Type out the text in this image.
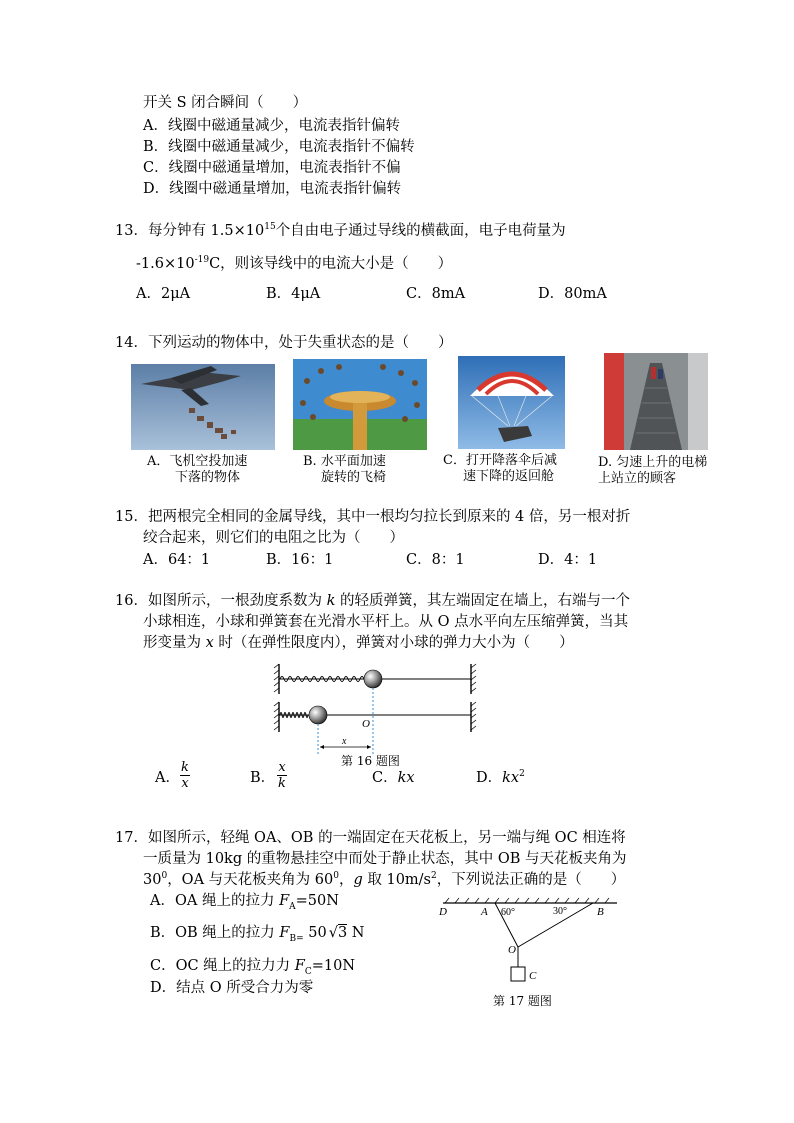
开关 S 闭合瞬间（　　）
A．线圈中磁通量减少，电流表指针偏转
B．线圈中磁通量减少，电流表指针不偏转
C．线圈中磁通量增加，电流表指针不偏
D．线圈中磁通量增加，电流表指针偏转
13．每分钟有 $1.5\times 10^{15}$个自由电子通过导线的横截面，电子电荷量为
$-1.6\times 10^{-19}C$，则该导线中的电流大小是（　　）
A．2μA	B．4μA	C．8mA	D．80mA
14．下列运动的物体中，处于失重状态的是（　　）
A．飞机空投加速
下落的物体
B. 水平面加速
旋转的飞椅
C．打开降落伞后减
速下降的返回舱
D. 匀速上升的电梯
上站立的顾客
15．把两根完全相同的金属导线，其中一根均匀拉长到原来的 4 倍，另一根对折
绞合起来，则它们的电阻之比为（　　）
A．64：1	B．16：1	C．8：1	D．4：1
16．如图所示，一根劲度系数为 k 的轻质弹簧，其左端固定在墙上，右端与一个
小球相连，小球和弹簧套在光滑水平杆上。从 O 点水平向左压缩弹簧，当其
形变量为 x 时（在弹性限度内），弹簧对小球的弹力大小为（　　）
O
x
第 16 题图
A．
k
x	B．
x
k	C．kx	D．$kx^2$
17．如图所示，轻绳 OA、OB 的一端固定在天花板上，另一端与绳 OC 相连将
一质量为 10kg 的重物悬挂空中而处于静止状态，其中 OB 与天花板夹角为
$30^0$，OA 与天花板夹角为 $60^0$，g 取 $10m/s^2$，下列说法正确的是（　　）
A．OA 绳上的拉力 $F_A=50N$
B．OB 绳上的拉力 $F_{B=}$ 50 √3 N
C．OC 绳上的拉力力 $F_C=10N$
D．结点 O 所受合力为零
D	A 60°	30°	B
O
C
第 17 题图
